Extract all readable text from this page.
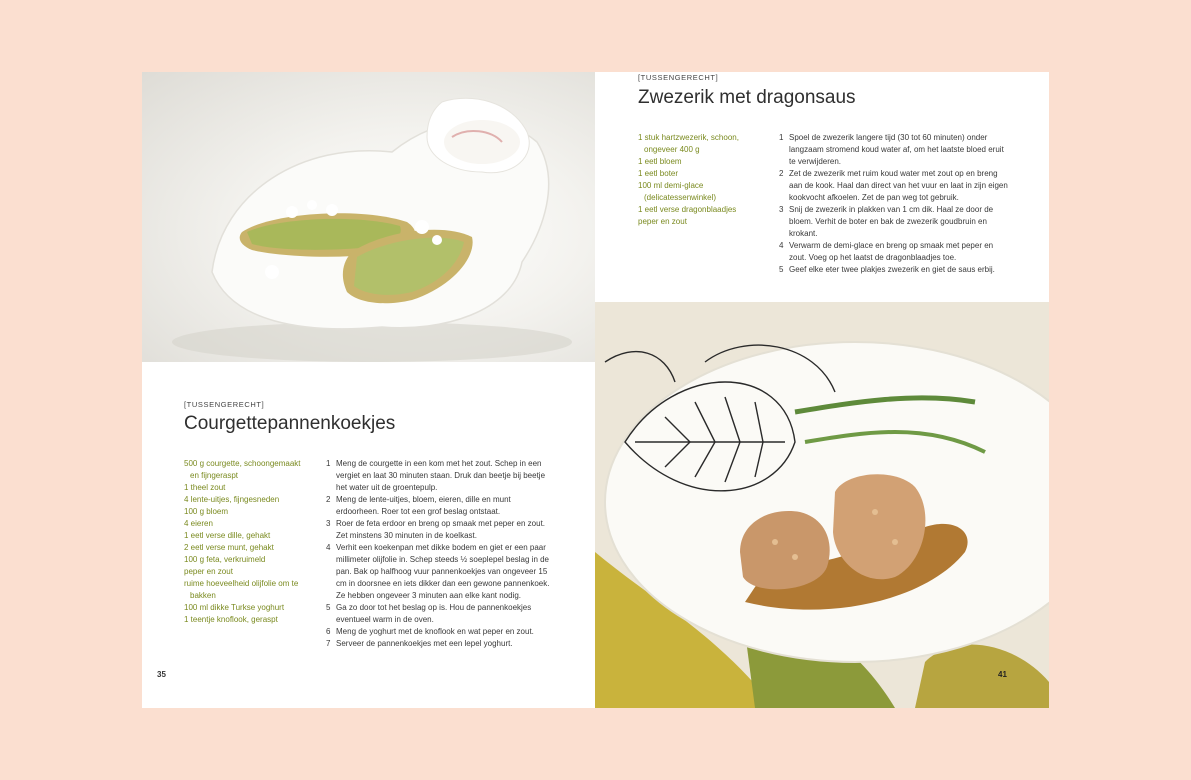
[TUSSENGERECHT]
Zwezerik met dragonsaus
1 stuk hartzwezerik, schoon, ongeveer 400 g
1 eetl bloem
1 eetl boter
100 ml demi-glace (delicatessenwinkel)
1 eetl verse dragonblaadjes
peper en zout
1 Spoel de zwezerik langere tijd (30 tot 60 minuten) onder langzaam stromend koud water af, om het laatste bloed eruit te verwijderen.
2 Zet de zwezerik met ruim koud water met zout op en breng aan de kook. Haal dan direct van het vuur en laat in zijn eigen kookvocht afkoelen. Zet de pan weg tot gebruik.
3 Snij de zwezerik in plakken van 1 cm dik. Haal ze door de bloem. Verhit de boter en bak de zwezerik goudbruin en krokant.
4 Verwarm de demi-glace en breng op smaak met peper en zout. Voeg op het laatst de dragonblaadjes toe.
5 Geef elke eter twee plakjes zwezerik en giet de saus erbij.
[TUSSENGERECHT]
Courgettepannenkoekjes
500 g courgette, schoongemaakt en fijngeraspt
1 theel zout
4 lente-uitjes, fijngesneden
100 g bloem
4 eieren
1 eetl verse dille, gehakt
2 eetl verse munt, gehakt
100 g feta, verkruimeld
peper en zout
ruime hoeveelheid olijfolie om te bakken
100 ml dikke Turkse yoghurt
1 teentje knoflook, geraspt
1 Meng de courgette in een kom met het zout. Schep in een vergiet en laat 30 minuten staan. Druk dan beetje bij beetje het water uit de groentepulp.
2 Meng de lente-uitjes, bloem, eieren, dille en munt erdoorheen. Roer tot een grof beslag ontstaat.
3 Roer de feta erdoor en breng op smaak met peper en zout. Zet minstens 30 minuten in de koelkast.
4 Verhit een koekenpan met dikke bodem en giet er een paar millimeter olijfolie in. Schep steeds ½ soeplepel beslag in de pan. Bak op halfhoog vuur pannenkoekjes van ongeveer 15 cm in doorsnee en iets dikker dan een gewone pannenkoek. Ze hebben ongeveer 3 minuten aan elke kant nodig.
5 Ga zo door tot het beslag op is. Hou de pannenkoekjes eventueel warm in de oven.
6 Meng de yoghurt met de knoflook en wat peper en zout.
7 Serveer de pannenkoekjes met een lepel yoghurt.
35	41
